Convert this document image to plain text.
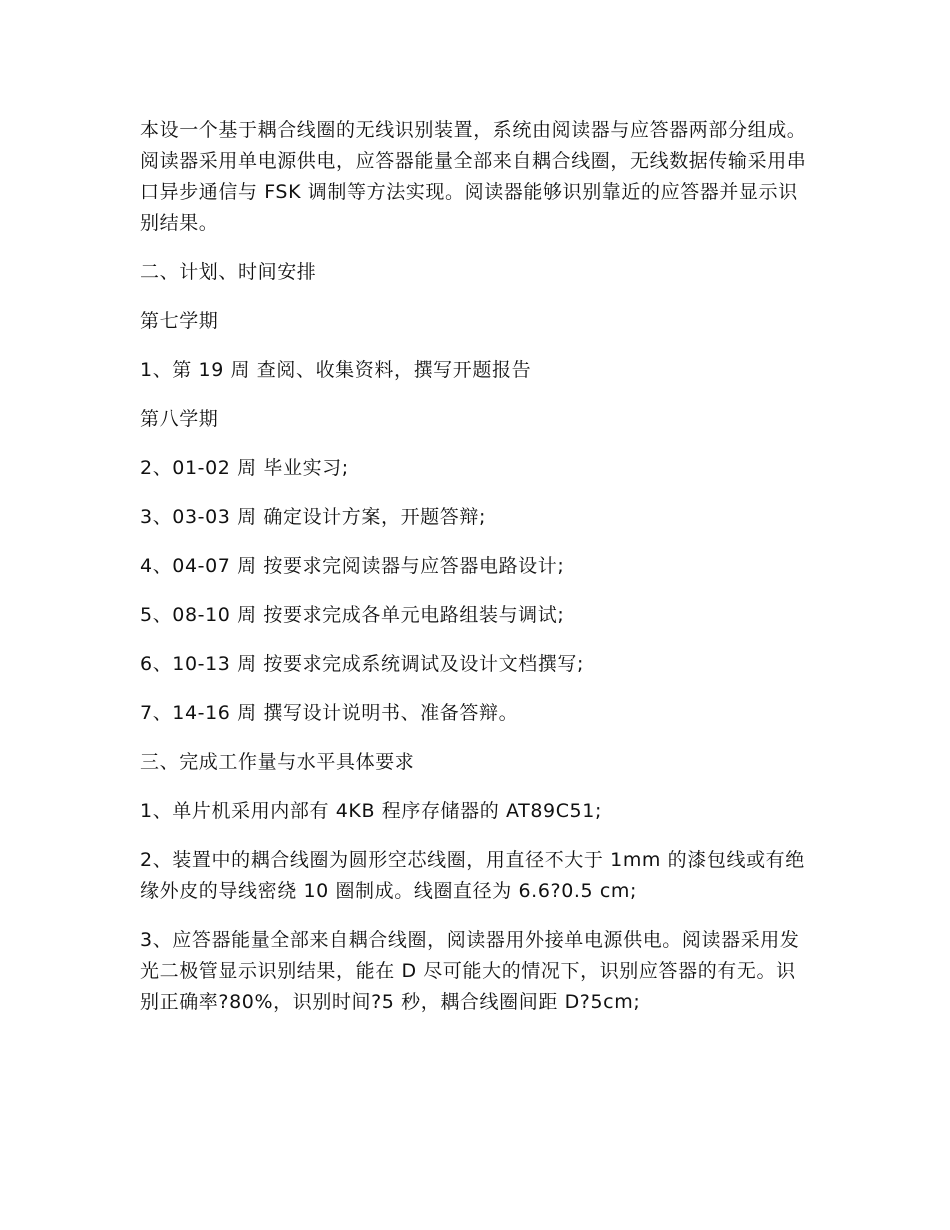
本设一个基于耦合线圈的无线识别装置，系统由阅读器与应答器两部分组成。阅读器采用单电源供电，应答器能量全部来自耦合线圈，无线数据传输采用串口异步通信与 FSK 调制等方法实现。阅读器能够识别靠近的应答器并显示识别结果。

二、计划、时间安排

第七学期

1、第 19 周 查阅、收集资料，撰写开题报告

第八学期

2、01-02 周 毕业实习;

3、03-03 周 确定设计方案，开题答辩;

4、04-07 周 按要求完阅读器与应答器电路设计;

5、08-10 周 按要求完成各单元电路组装与调试;

6、10-13 周 按要求完成系统调试及设计文档撰写;

7、14-16 周 撰写设计说明书、准备答辩。

三、完成工作量与水平具体要求

1、单片机采用内部有 4KB 程序存储器的 AT89C51;

2、装置中的耦合线圈为圆形空芯线圈，用直径不大于 1mm 的漆包线或有绝缘外皮的导线密绕 10 圈制成。线圈直径为 6.6?0.5 cm;

3、应答器能量全部来自耦合线圈，阅读器用外接单电源供电。阅读器采用发光二极管显示识别结果，能在 D 尽可能大的情况下，识别应答器的有无。识别正确率?80%，识别时间?5 秒，耦合线圈间距 D?5cm;
